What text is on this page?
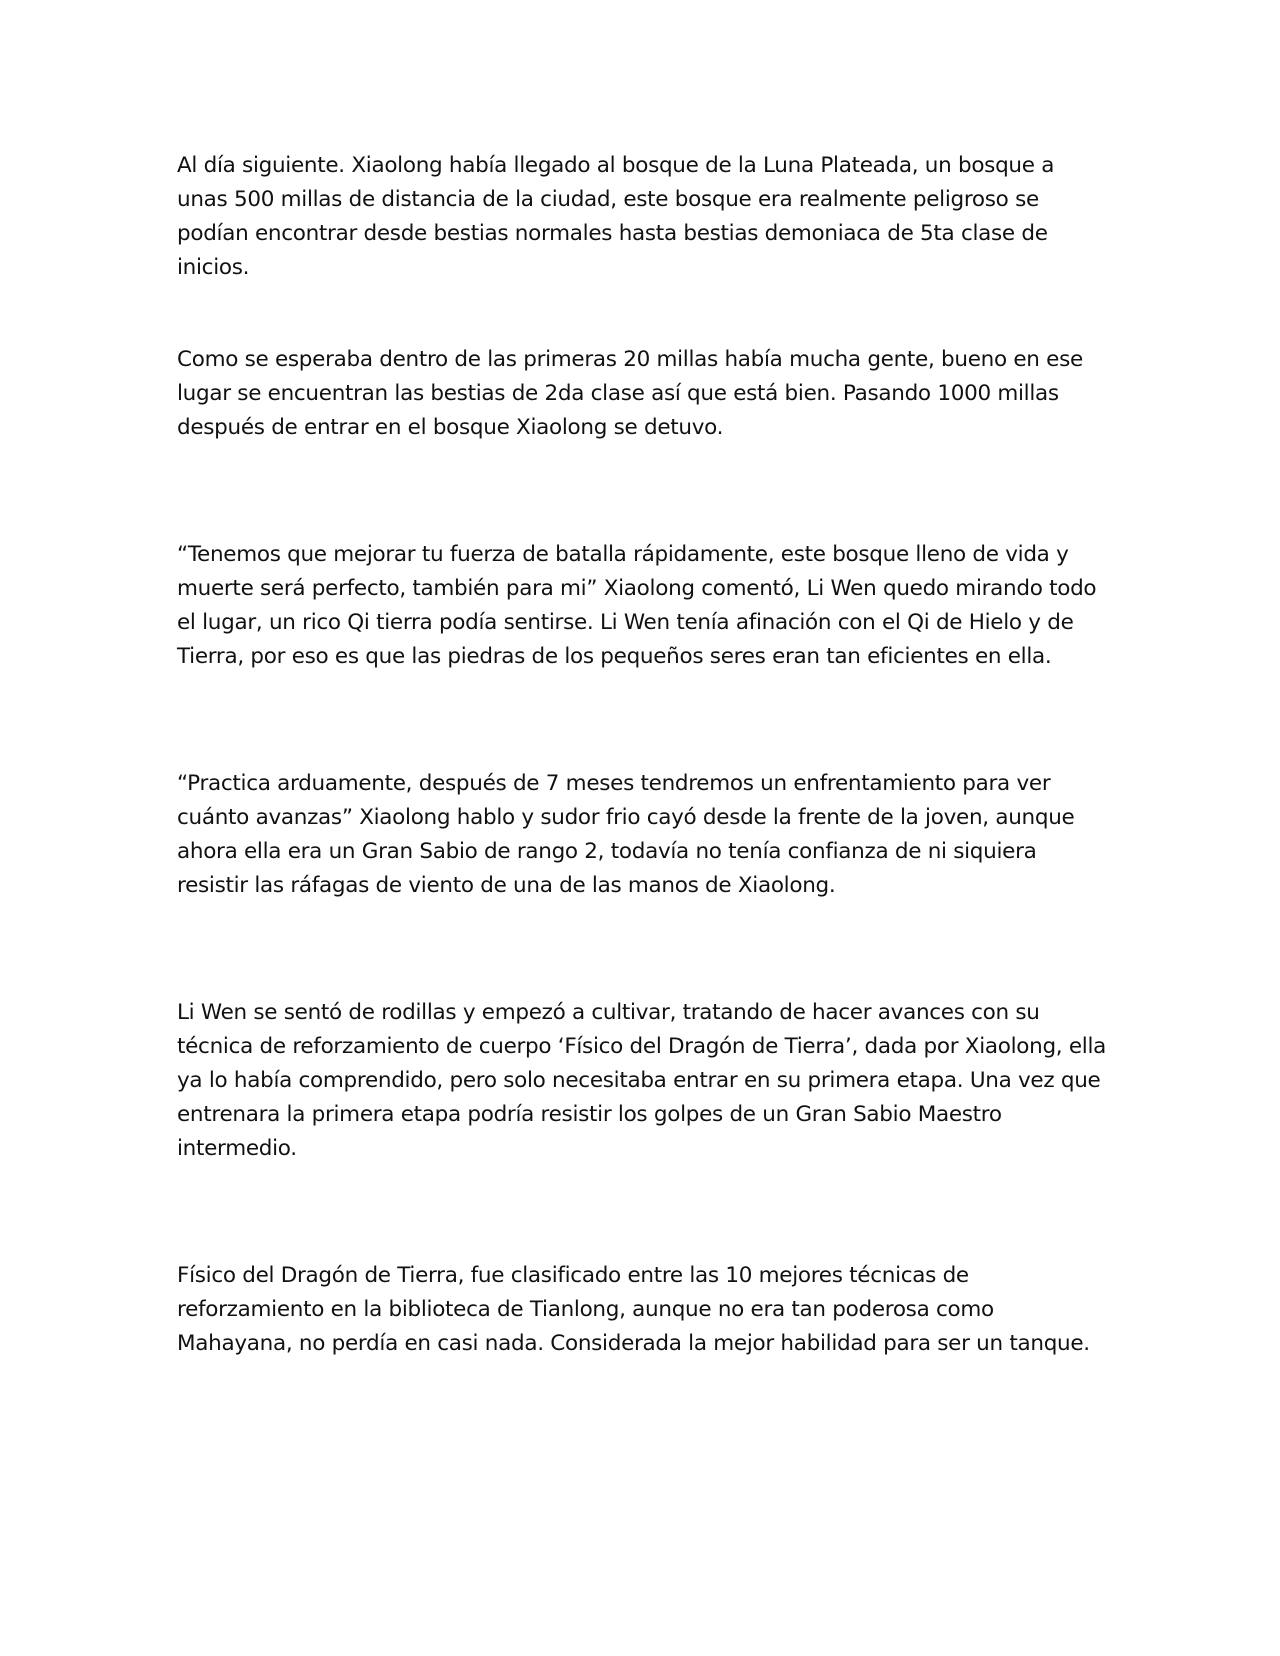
Al día siguiente. Xiaolong había llegado al bosque de la Luna Plateada, un bosque a unas 500 millas de distancia de la ciudad, este bosque era realmente peligroso se podían encontrar desde bestias normales hasta bestias demoniaca de 5ta clase de inicios.

Como se esperaba dentro de las primeras 20 millas había mucha gente, bueno en ese lugar se encuentran las bestias de 2da clase así que está bien. Pasando 1000 millas después de entrar en el bosque Xiaolong se detuvo.

“Tenemos que mejorar tu fuerza de batalla rápidamente, este bosque lleno de vida y muerte será perfecto, también para mi” Xiaolong comentó, Li Wen quedo mirando todo el lugar, un rico Qi tierra podía sentirse. Li Wen tenía afinación con el Qi de Hielo y de Tierra, por eso es que las piedras de los pequeños seres eran tan eficientes en ella.

“Practica arduamente, después de 7 meses tendremos un enfrentamiento para ver cuánto avanzas” Xiaolong hablo y sudor frio cayó desde la frente de la joven, aunque ahora ella era un Gran Sabio de rango 2, todavía no tenía confianza de ni siquiera resistir las ráfagas de viento de una de las manos de Xiaolong.

Li Wen se sentó de rodillas y empezó a cultivar, tratando de hacer avances con su técnica de reforzamiento de cuerpo ‘Físico del Dragón de Tierra’, dada por Xiaolong, ella ya lo había comprendido, pero solo necesitaba entrar en su primera etapa. Una vez que entrenara la primera etapa podría resistir los golpes de un Gran Sabio Maestro intermedio.

Físico del Dragón de Tierra, fue clasificado entre las 10 mejores técnicas de reforzamiento en la biblioteca de Tianlong, aunque no era tan poderosa como Mahayana, no perdía en casi nada. Considerada la mejor habilidad para ser un tanque.
